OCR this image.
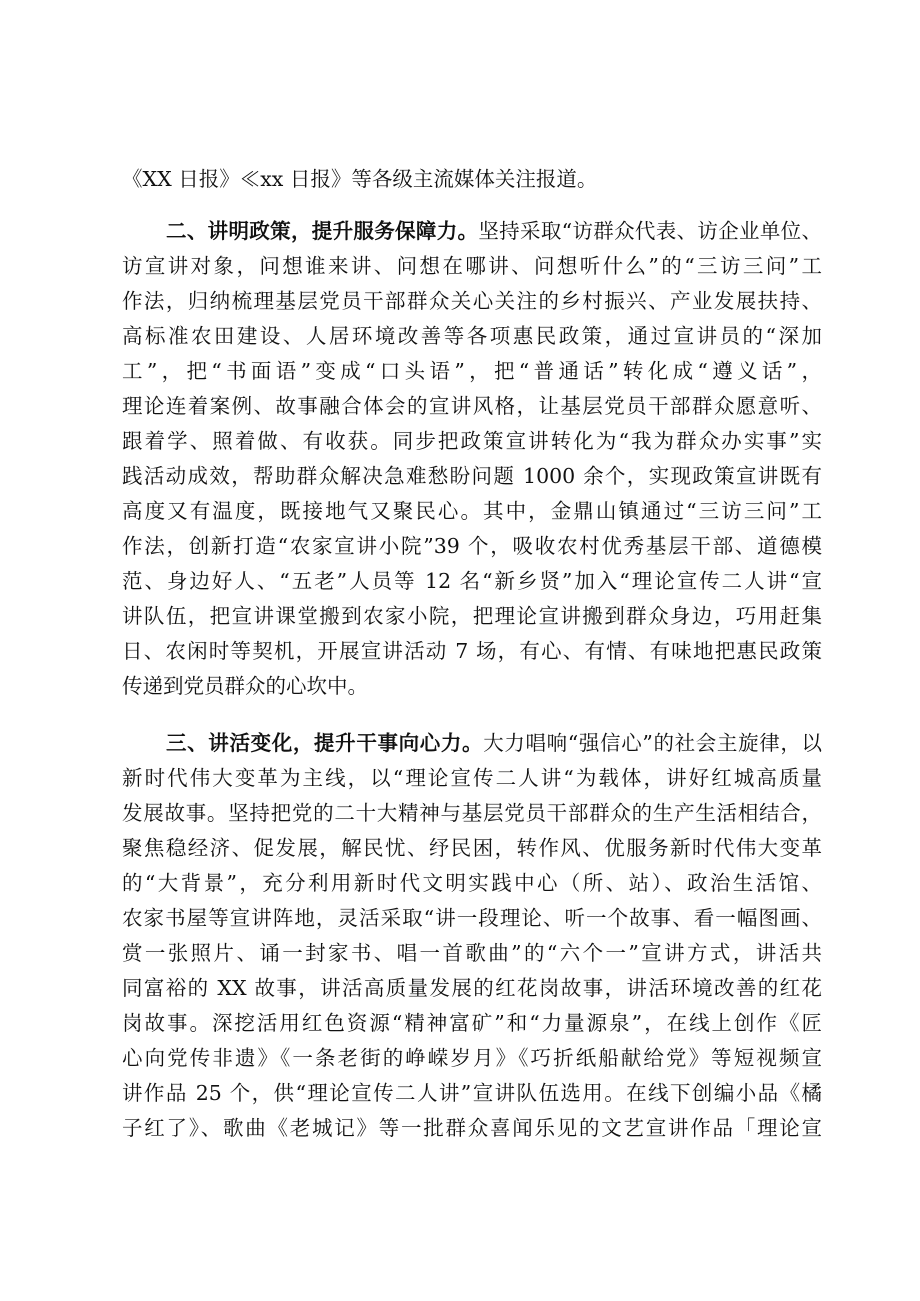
《XX 日报》≪xx 日报》等各级主流媒体关注报道。
二、讲明政策，提升服务保障力。坚持采取“访群众代表、访企业单位、
访宣讲对象，问想谁来讲、问想在哪讲、问想听什么”的“三访三问”工
作法，归纳梳理基层党员干部群众关心关注的乡村振兴、产业发展扶持、
高标准农田建设、人居环境改善等各项惠民政策，通过宣讲员的“深加
工”，把“书面语”变成“口头语”，把“普通话”转化成“遵义话”，
理论连着案例、故事融合体会的宣讲风格，让基层党员干部群众愿意听、
跟着学、照着做、有收获。同步把政策宣讲转化为“我为群众办实事”实
践活动成效，帮助群众解决急难愁盼问题 1000 余个，实现政策宣讲既有
高度又有温度，既接地气又聚民心。其中，金鼎山镇通过“三访三问”工
作法，创新打造“农家宣讲小院”39 个，吸收农村优秀基层干部、道德模
范、身边好人、“五老”人员等 12 名“新乡贤”加入“理论宣传二人讲“宣
讲队伍，把宣讲课堂搬到农家小院，把理论宣讲搬到群众身边，巧用赶集
日、农闲时等契机，开展宣讲活动 7 场，有心、有情、有味地把惠民政策
传递到党员群众的心坎中。
三、讲活变化，提升干事向心力。大力唱响“强信心”的社会主旋律，以
新时代伟大变革为主线，以“理论宣传二人讲“为载体，讲好红城高质量
发展故事。坚持把党的二十大精神与基层党员干部群众的生产生活相结合，
聚焦稳经济、促发展，解民忧、纾民困，转作风、优服务新时代伟大变革
的“大背景”，充分利用新时代文明实践中心（所、站）、政治生活馆、
农家书屋等宣讲阵地，灵活采取“讲一段理论、听一个故事、看一幅图画、
赏一张照片、诵一封家书、唱一首歌曲”的“六个一”宣讲方式，讲活共
同富裕的 XX 故事，讲活高质量发展的红花岗故事，讲活环境改善的红花
岗故事。深挖活用红色资源“精神富矿”和“力量源泉”，在线上创作《匠
心向党传非遗》《一条老街的峥嵘岁月》《巧折纸船献给党》等短视频宣
讲作品 25 个，供“理论宣传二人讲”宣讲队伍选用。在线下创编小品《橘
子红了》、歌曲《老城记》等一批群众喜闻乐见的文艺宣讲作品「理论宣
